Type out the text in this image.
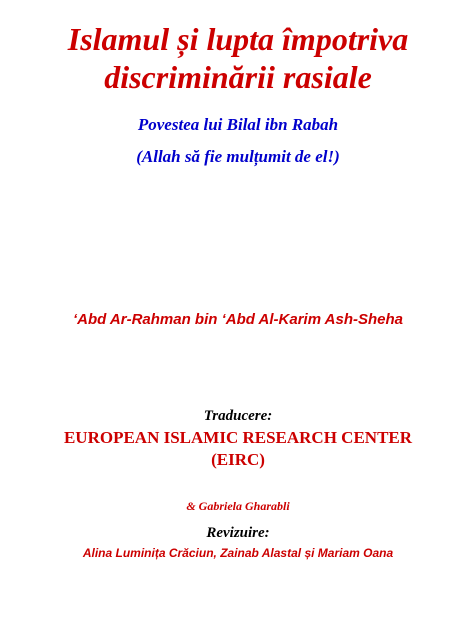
Islamul și lupta împotriva
discriminării rasiale
Povestea lui Bilal ibn Rabah
(Allah să fie mulțumit de el!)
‘Abd Ar-Rahman bin ‘Abd Al-Karim Ash-Sheha
Traducere:
EUROPEAN ISLAMIC RESEARCH CENTER
(EIRC)
& Gabriela Gharabli
Revizuire:
Alina Luminița Crăciun, Zainab Alastal și Mariam Oana
